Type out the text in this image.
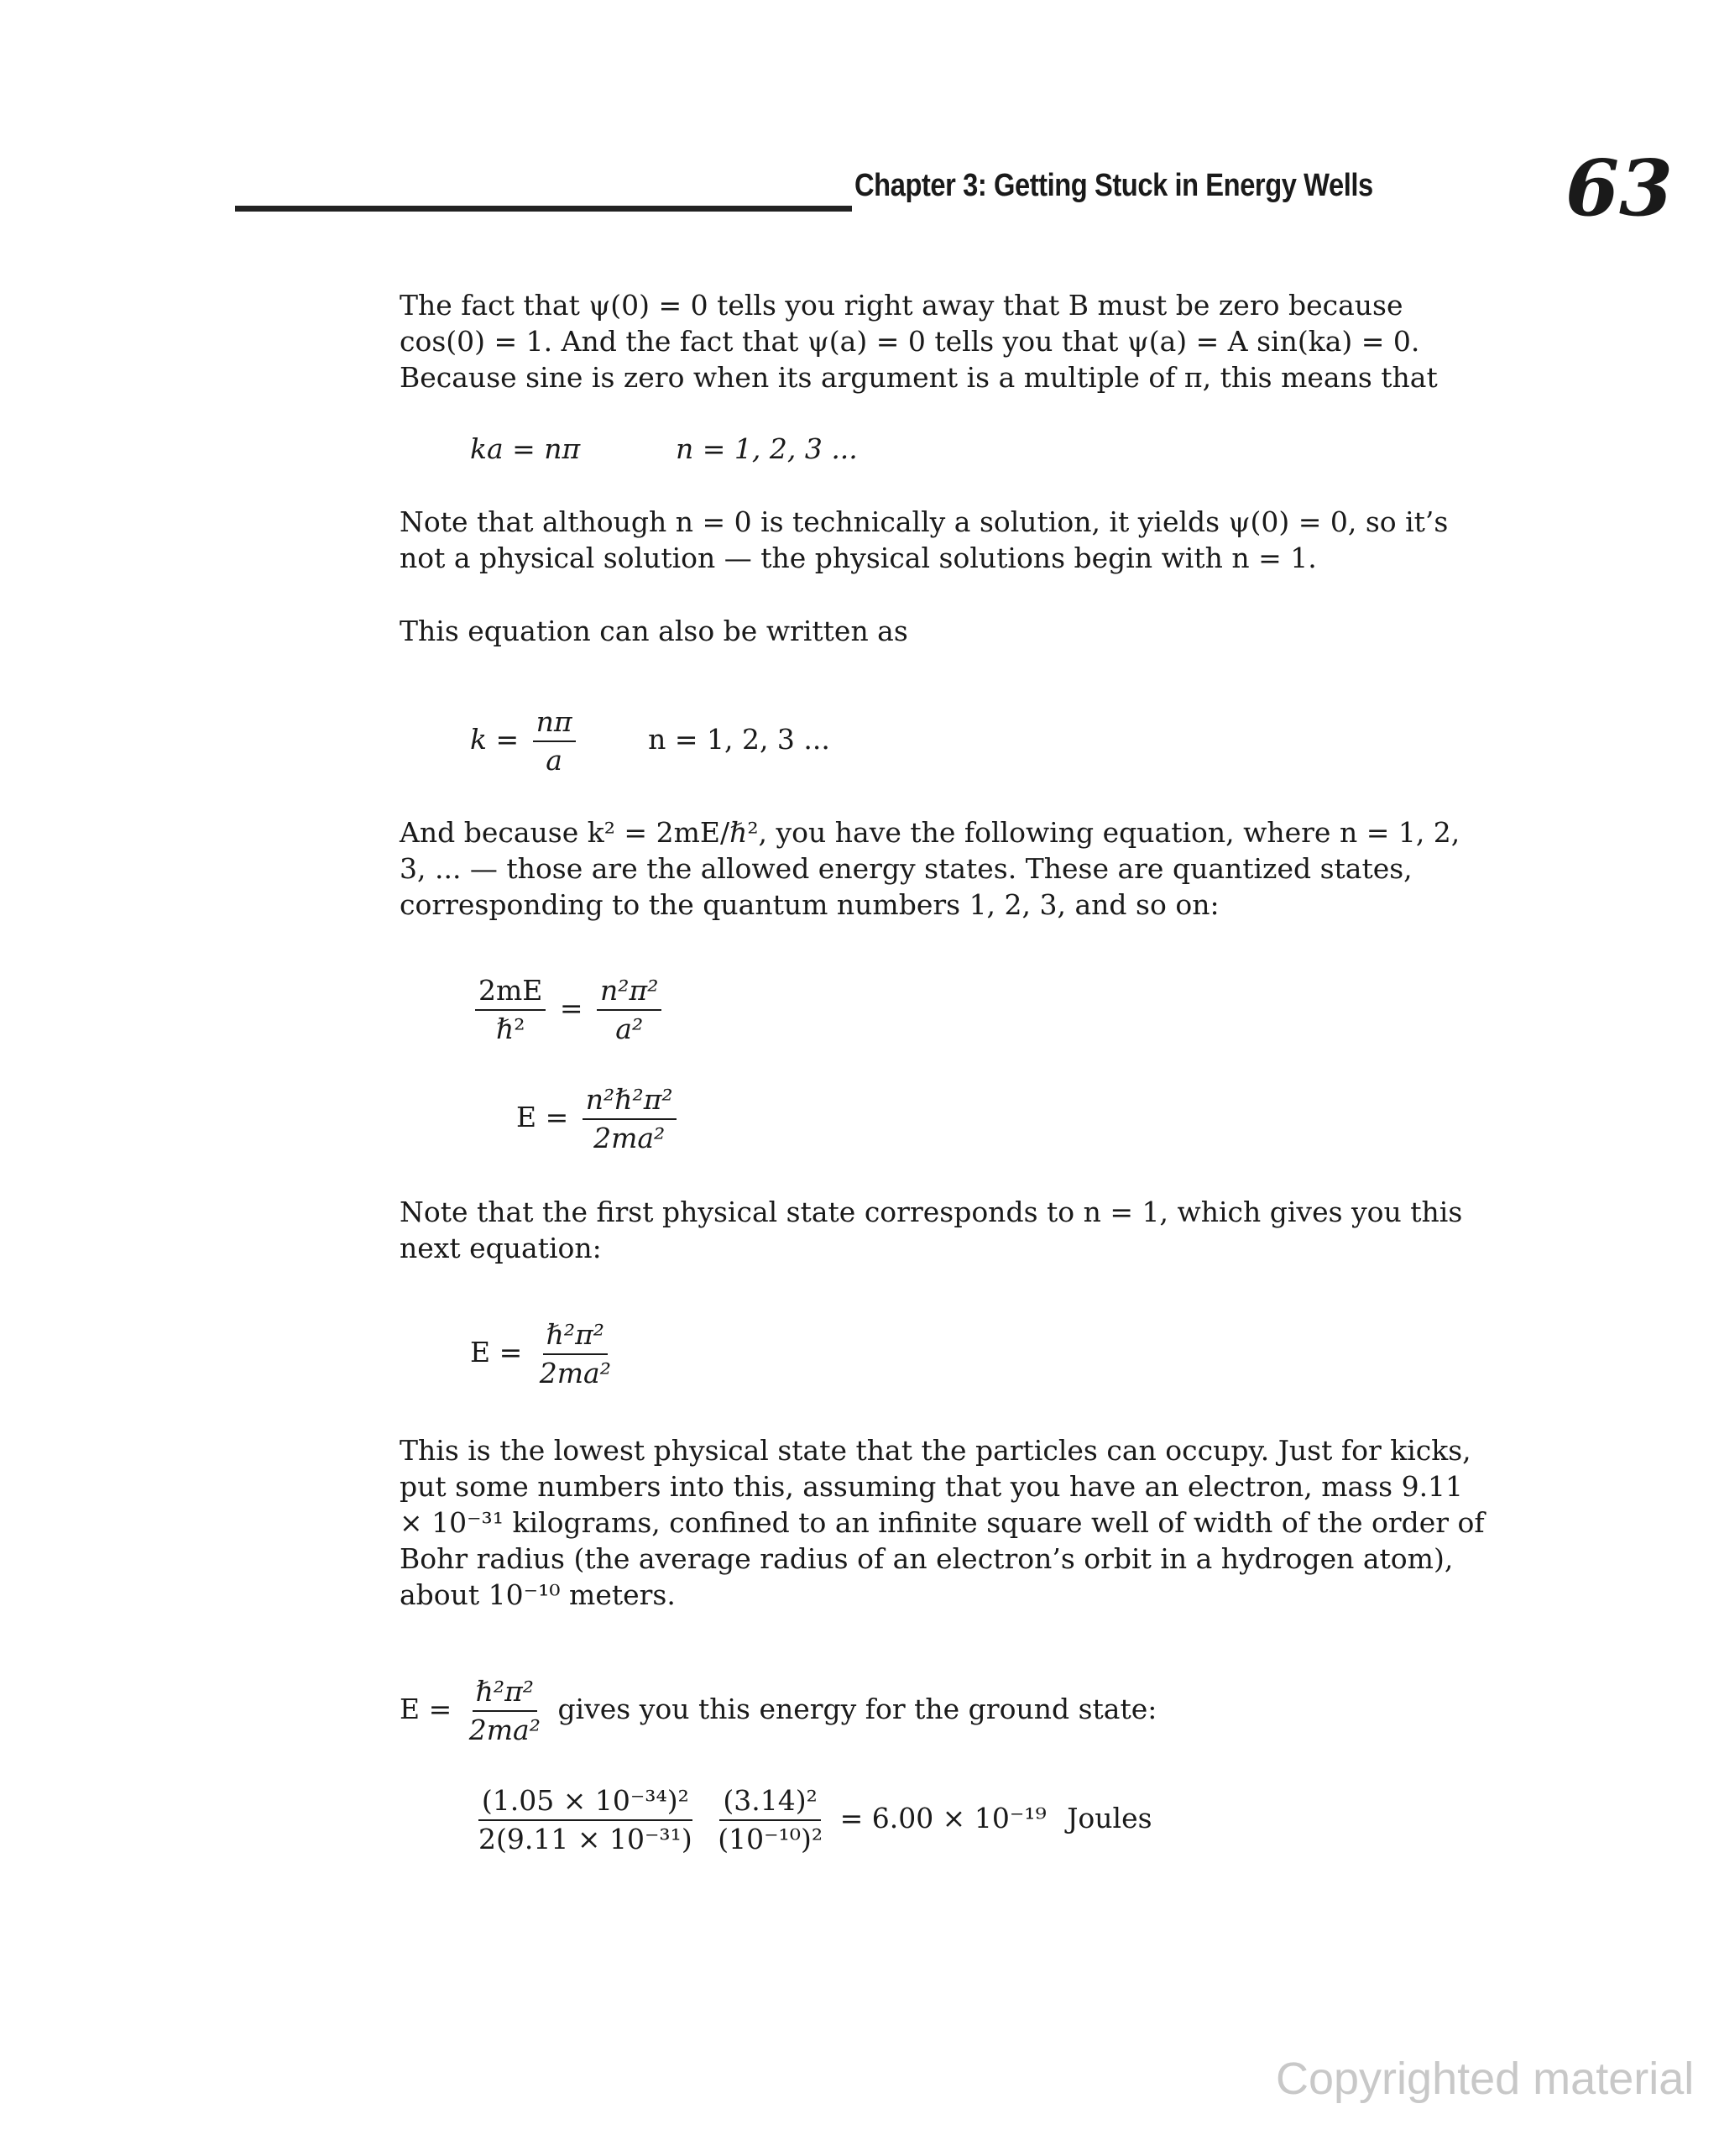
Chapter 3: Getting Stuck in Energy Wells 63

The fact that ψ(0) = 0 tells you right away that B must be zero because cos(0) = 1. And the fact that ψ(a) = 0 tells you that ψ(a) = A sin(ka) = 0. Because sine is zero when its argument is a multiple of π, this means that

ka = nπ	n = 1, 2, 3 ...

Note that although n = 0 is technically a solution, it yields ψ(0) = 0, so it’s not a physical solution — the physical solutions begin with n = 1.

This equation can also be written as

$k = \frac{n\pi}{a}$	n = 1, 2, 3 ...

And because k² = 2mE/ℏ², you have the following equation, where n = 1, 2, 3, ... — those are the allowed energy states. These are quantized states, corresponding to the quantum numbers 1, 2, 3, and so on:

$\frac{2mE}{\text{ℏ²}} = \frac{\text{n²π²}}{\text{a²}}$
$E = \frac{\text{n²ℏ²π²}}{\text{2ma²}}$

Note that the first physical state corresponds to n = 1, which gives you this next equation:

$E = \frac{\text{ℏ²π²}}{\text{2ma²}}$

This is the lowest physical state that the particles can occupy. Just for kicks, put some numbers into this, assuming that you have an electron, mass 9.11 × 10⁻³¹ kilograms, confined to an infinite square well of width of the order of Bohr radius (the average radius of an electron’s orbit in a hydrogen atom), about 10⁻¹⁰ meters.

$E = \frac{\text{ℏ²π²}}{\text{2ma²}}$ gives you this energy for the ground state:
$\frac{\text{(1.05 × 10⁻³⁴)²}}{\text{2(9.11 × 10⁻³¹)}}$
$\frac{\text{(3.14)²}}{\text{(10⁻¹⁰)²}} = 6.00 \times 10^{-19}$ Joules
Copyrighted material
